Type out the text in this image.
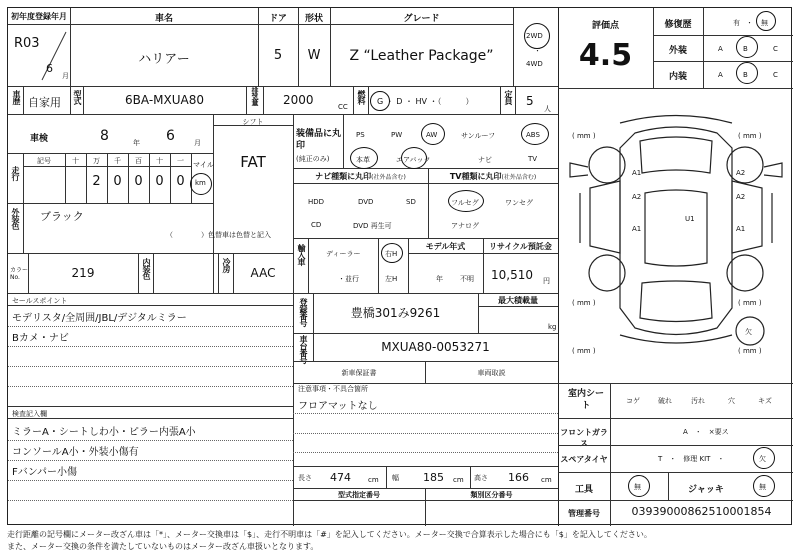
初年度登録年月	車名	ドア	形状	グレード
R03
6
月
ハリアー	5	W	Z “Leather Package”
2WD
・
4WD
車歴 自家用 型式	6BA-MXUA80	排気量 2000	CC
燃料 G ・ D ・ HV ・（　　　）	定員 5
人
シフト
FAT
車検	8	年 6	月
走行
記号	十	万	千	百	十	一
2 0 0 0 0
マイル
km
外装色 ブラック
（　　　　）色替車は色替と記入
カラーNo.	219	内装色	冷房
AAC
セールスポイント
モデリスタ/全周囲/JBL/デジタルミラー
Bカメ・ナビ
検査記入欄
ミラーA・シートしわ小・ピラー内張A小
コンソールA小・外装小傷有
Fバンパー小傷
装備品に丸印
(純正のみ)
PS	PW	AW	サンルーフ	ABS
本革	エアバック	ナビ	TV
ナビ種類に丸印(社外品含む)	TV種類に丸印(社外品含む)
HDD	DVD	SD
CD	DVD 再生可
フルセグ	ワンセグ
アナログ
輸入車	ディーラー
・並行
右H
左H
モデル年式
年 不明
リサイクル預託金
10,510 円
登録番号	豊橋301み9261
最大積載量
kg
車台番号	MXUA80-0053271
新車保証書	車両取説
注意事項・不具合箇所
フロアマットなし
長さ 474 cm 幅 185 cm 高さ 166 cm
型式指定番号	類別区分番号
評価点
4.5
修復歴	有 ・ 無
外装	A	B	C
内装	A	B	C
( mm )	( mm )
( mm )	( mm )
( mm )	( mm )
A1
A2
A1
A2
A2
A1
U1
欠
室内シート	コゲ	破れ	汚れ	穴	キズ
フロントガラス
A　・　×要ス
スペアタイヤ	T　・　修理 KIT　・	欠
工具	無	ジャッキ	無
管理番号	03939000862510001854
走行距離の記号欄にメーター改ざん車は「*」、メーター交換車は「$」、走行不明車は「#」を記入してください。メーター交換で合算表示した場合にも「$」を記入してください。
また、メーター交換の条件を満たしていないものはメーター改ざん車扱いとなります。
